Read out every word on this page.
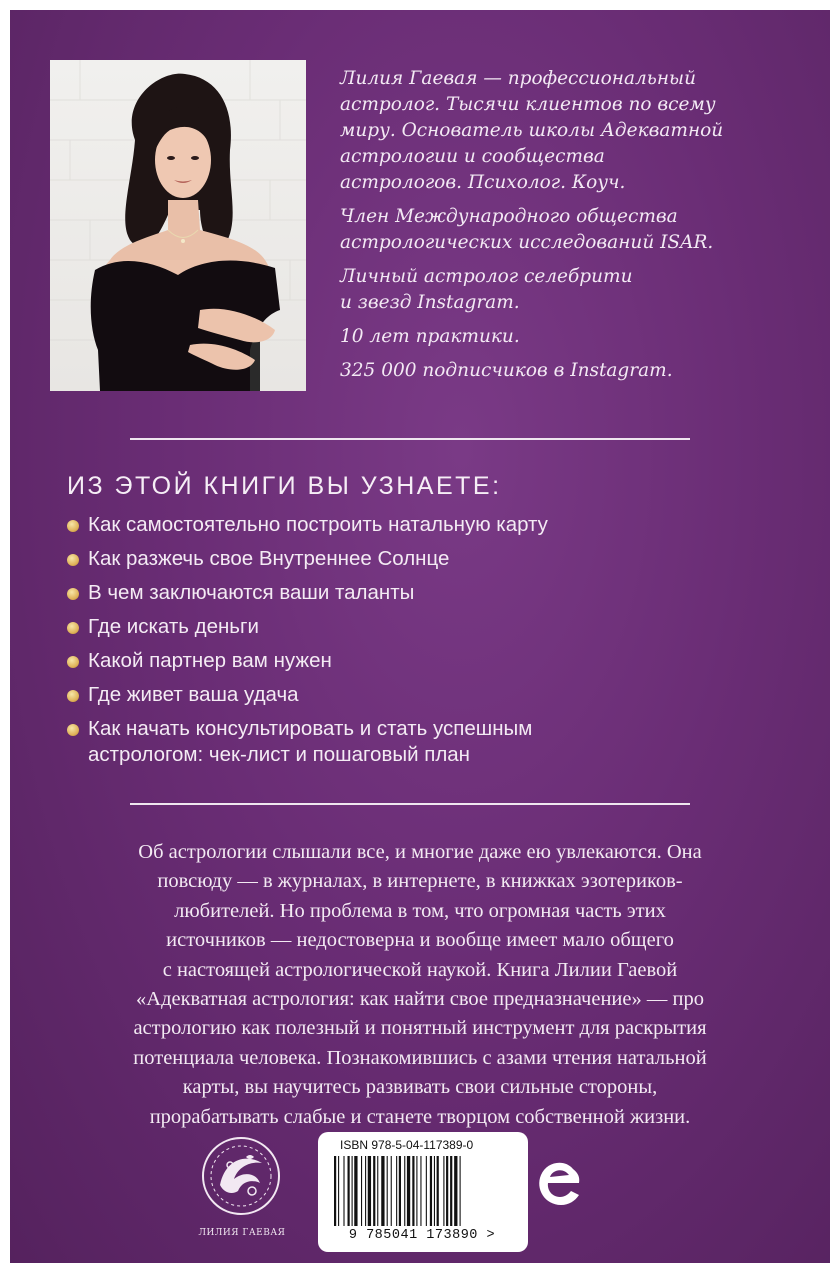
Лилия Гаевая — профессиональный
астролог. Тысячи клиентов по всему
миру. Основатель школы Адекватной
астрологии и сообщества
астрологов. Психолог. Коуч.

Член Международного общества
астрологических исследований ISAR.

Личный астролог селебрити
и звезд Instagram.

10 лет практики.

325 000 подписчиков в Instagram.

ИЗ ЭТОЙ КНИГИ ВЫ УЗНАЕТЕ:
Как самостоятельно построить натальную карту
Как разжечь свое Внутреннее Солнце
В чем заключаются ваши таланты
Где искать деньги
Какой партнер вам нужен
Где живет ваша удача
Как начать консультировать и стать успешным
астрологом: чек-лист и пошаговый план
Об астрологии слышали все, и многие даже ею увлекаются. Она
повсюду — в журналах, в интернете, в книжках эзотериков-
любителей. Но проблема в том, что огромная часть этих
источников — недостоверна и вообще имеет мало общего
с настоящей астрологической наукой. Книга Лилии Гаевой
«Адекватная астрология: как найти свое предназначение» — про
астрологию как полезный и понятный инструмент для раскрытия
потенциала человека. Познакомившись с азами чтения натальной
карты, вы научитесь развивать свои сильные стороны,
прорабатывать слабые и станете творцом собственной жизни.
ЛИЛИЯ ГАЕВАЯ
ISBN 978-5-04-117389-0
9 785041 173890 >
